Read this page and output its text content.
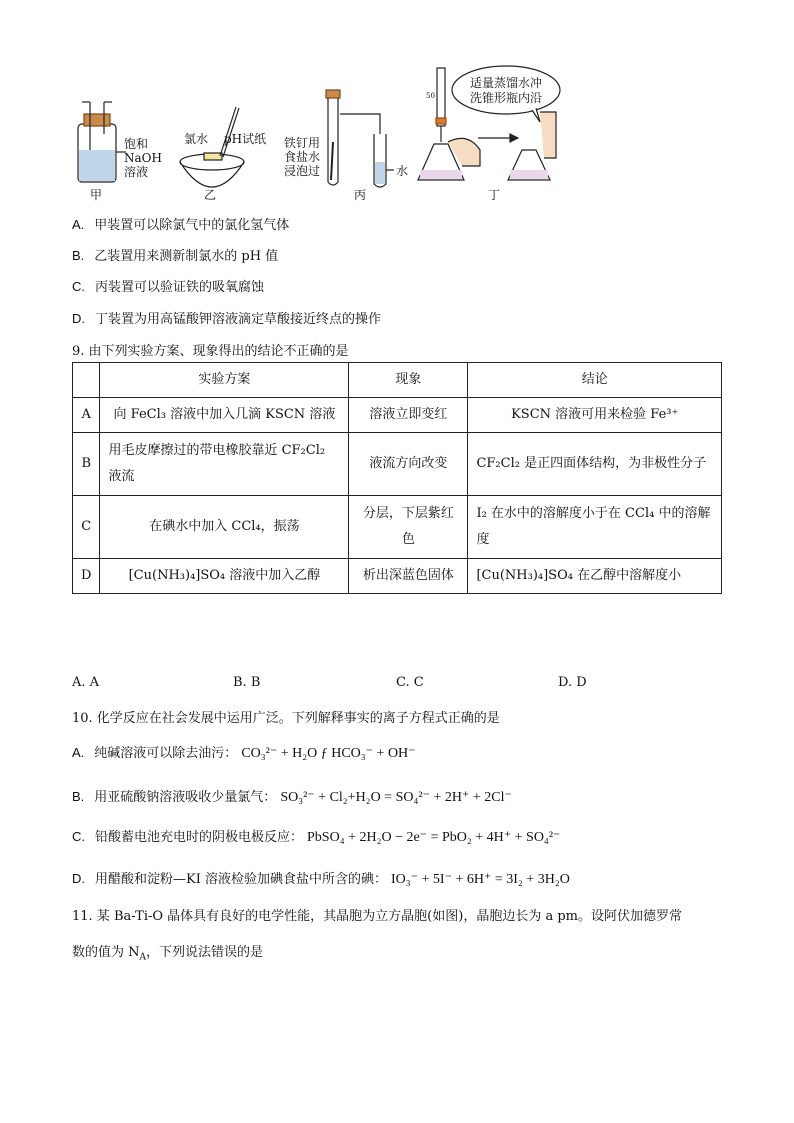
饱和
NaOH
溶液
甲
氯水 pH试纸
乙
铁钉用
食盐水
浸泡过	水
丙
适量蒸馏水冲
洗锥形瓶内沿
50
丁
A. 甲装置可以除氯气中的氯化氢气体
B. 乙装置用来测新制氯水的 pH 值
C. 丙装置可以验证铁的吸氧腐蚀
D. 丁装置为用高锰酸钾溶液滴定草酸接近终点的操作
9. 由下列实验方案、现象得出的结论不正确的是
	实验方案	现象	结论
A	向 FeCl₃ 溶液中加入几滴 KSCN 溶液	溶液立即变红	KSCN 溶液可用来检验 Fe³⁺
B	用毛皮摩擦过的带电橡胶靠近 CF₂Cl₂ 液流	液流方向改变	CF₂Cl₂ 是正四面体结构，为非极性分子
C	在碘水中加入 CCl₄，振荡	分层，下层紫红色	I₂ 在水中的溶解度小于在 CCl₄ 中的溶解度
D	[Cu(NH₃)₄]SO₄ 溶液中加入乙醇	析出深蓝色固体	[Cu(NH₃)₄]SO₄ 在乙醇中溶解度小
A. A	B. B	C. C	D. D
10. 化学反应在社会发展中运用广泛。下列解释事实的离子方程式正确的是
A. 纯碱溶液可以除去油污： CO₃²⁻ + H₂O ƒ HCO₃⁻ + OH⁻
B. 用亚硫酸钠溶液吸收少量氯气： SO₃²⁻ + Cl₂+H₂O = SO₄²⁻ + 2H⁺ + 2Cl⁻
C. 铅酸蓄电池充电时的阴极电极反应： PbSO₄ + 2H₂O − 2e⁻ = PbO₂ + 4H⁺ + SO₄²⁻
D. 用醋酸和淀粉—KI 溶液检验加碘食盐中所含的碘： IO₃⁻ + 5I⁻ + 6H⁺ = 3I₂ + 3H₂O
11. 某 Ba-Ti-O 晶体具有良好的电学性能，其晶胞为立方晶胞(如图)，晶胞边长为 a pm。设阿伏加德罗常
数的值为 $N_A$，下列说法错误的是
